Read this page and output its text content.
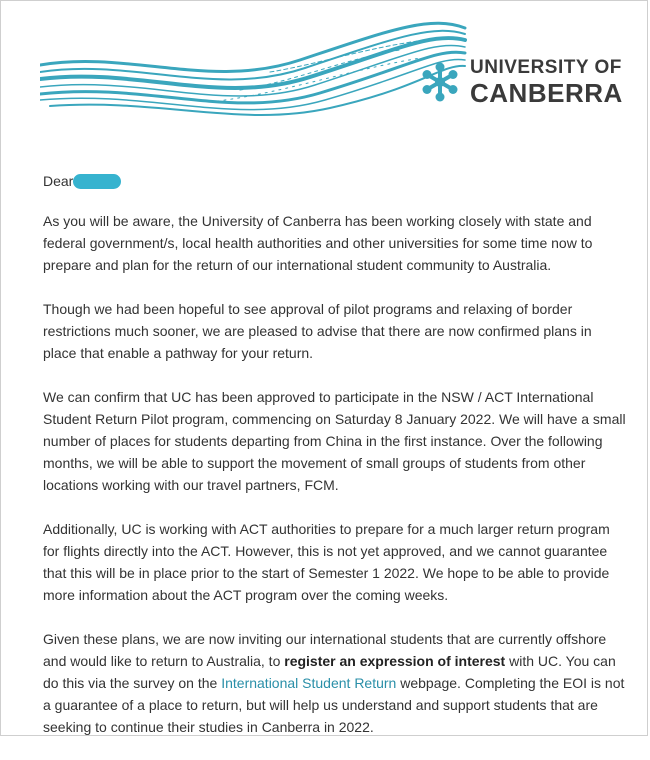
UNIVERSITY OF
CANBERRA
Dear

As you will be aware, the University of Canberra has been working closely with state and federal government/s, local health authorities and other universities for some time now to prepare and plan for the return of our international student community to Australia.

Though we had been hopeful to see approval of pilot programs and relaxing of border restrictions much sooner, we are pleased to advise that there are now confirmed plans in place that enable a pathway for your return.

We can confirm that UC has been approved to participate in the NSW / ACT International Student Return Pilot program, commencing on Saturday 8 January 2022. We will have a small number of places for students departing from China in the first instance. Over the following months, we will be able to support the movement of small groups of students from other locations working with our travel partners, FCM.

Additionally, UC is working with ACT authorities to prepare for a much larger return program for flights directly into the ACT. However, this is not yet approved, and we cannot guarantee that this will be in place prior to the start of Semester 1 2022. We hope to be able to provide more information about the ACT program over the coming weeks.

Given these plans, we are now inviting our international students that are currently offshore and would like to return to Australia, to register an expression of interest with UC. You can do this via the survey on the International Student Return webpage. Completing the EOI is not a guarantee of a place to return, but will help us understand and support students that are seeking to continue their studies in Canberra in 2022.
